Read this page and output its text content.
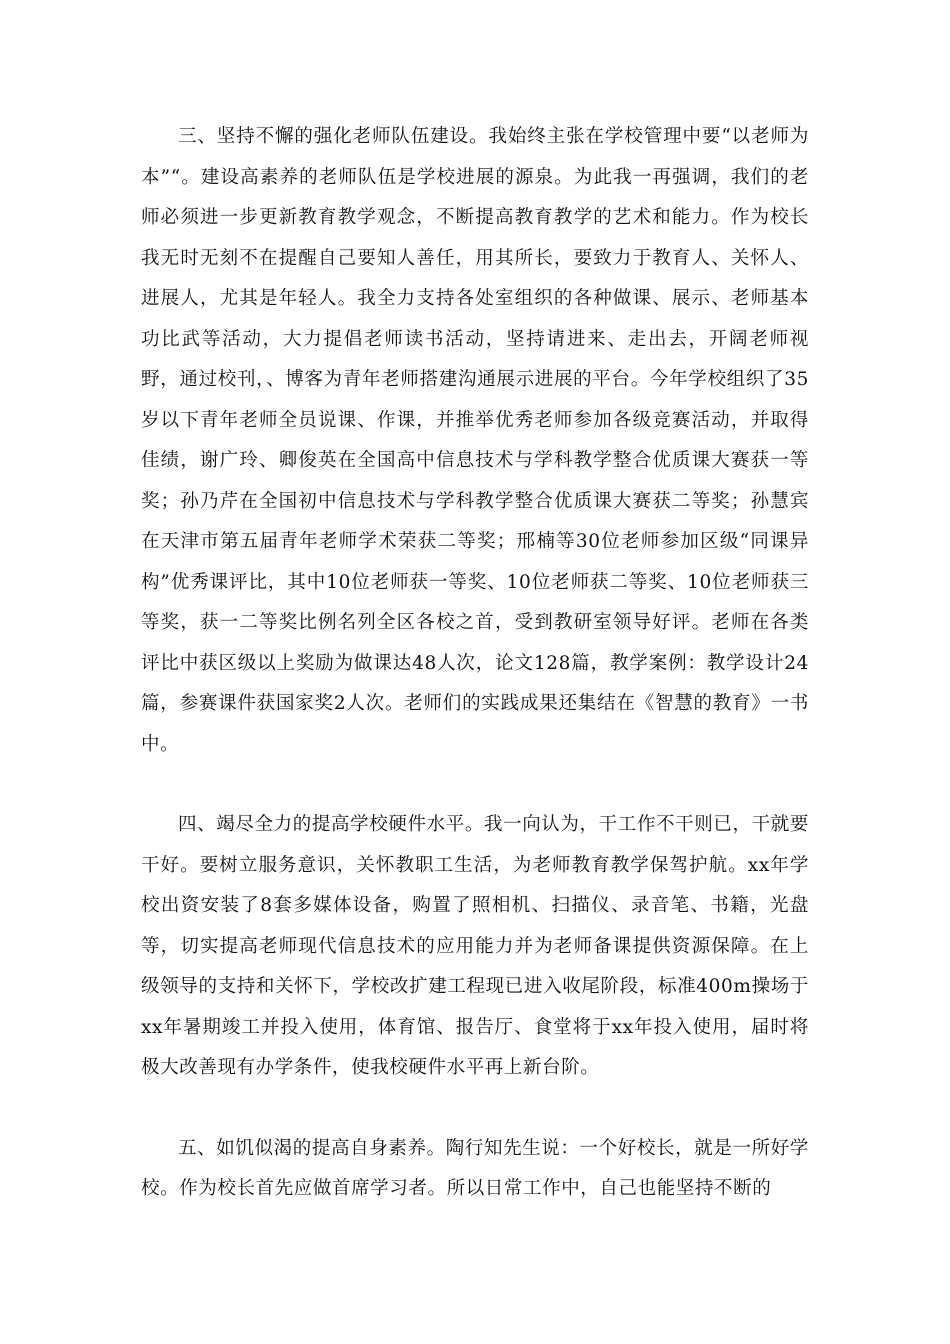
三、坚持不懈的强化老师队伍建设。我始终主张在学校管理中要“以老师为本”“。建设高素养的老师队伍是学校进展的源泉。为此我一再强调，我们的老师必须进一步更新教育教学观念，不断提高教育教学的艺术和能力。作为校长我无时无刻不在提醒自己要知人善任，用其所长，要致力于教育人、关怀人、进展人，尤其是年轻人。我全力支持各处室组织的各种做课、展示、老师基本功比武等活动，大力提倡老师读书活动，坚持请进来、走出去，开阔老师视野，通过校刊，、博客为青年老师搭建沟通展示进展的平台。今年学校组织了35岁以下青年老师全员说课、作课，并推举优秀老师参加各级竞赛活动，并取得佳绩，谢广玲、卿俊英在全国高中信息技术与学科教学整合优质课大赛获一等奖；孙乃芹在全国初中信息技术与学科教学整合优质课大赛获二等奖；孙慧宾在天津市第五届青年老师学术荣获二等奖；邢楠等30位老师参加区级“同课异构”优秀课评比，其中10位老师获一等奖、10位老师获二等奖、10位老师获三等奖，获一二等奖比例名列全区各校之首，受到教研室领导好评。老师在各类评比中获区级以上奖励为做课达48人次，论文128篇，教学案例：教学设计24篇，参赛课件获国家奖2人次。老师们的实践成果还集结在《智慧的教育》一书中。

四、竭尽全力的提高学校硬件水平。我一向认为，干工作不干则已，干就要干好。要树立服务意识，关怀教职工生活，为老师教育教学保驾护航。xx年学校出资安装了8套多媒体设备，购置了照相机、扫描仪、录音笔、书籍，光盘等，切实提高老师现代信息技术的应用能力并为老师备课提供资源保障。在上级领导的支持和关怀下，学校改扩建工程现已进入收尾阶段，标准400m操场于xx年暑期竣工并投入使用，体育馆、报告厅、食堂将于xx年投入使用，届时将极大改善现有办学条件，使我校硬件水平再上新台阶。

五、如饥似渴的提高自身素养。陶行知先生说：一个好校长，就是一所好学校。作为校长首先应做首席学习者。所以日常工作中，自己也能坚持不断的
